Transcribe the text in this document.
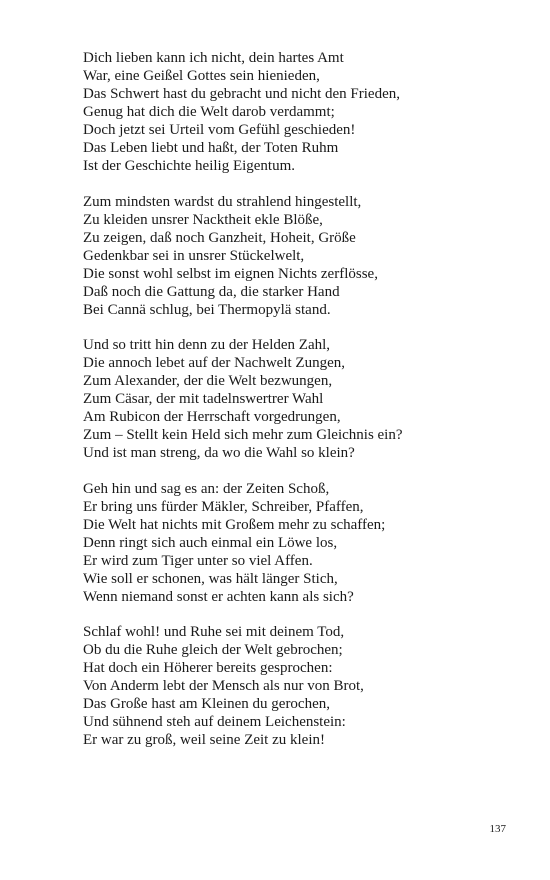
Dich lieben kann ich nicht, dein hartes Amt
War, eine Geißel Gottes sein hienieden,
Das Schwert hast du gebracht und nicht den Frieden,
Genug hat dich die Welt darob verdammt;
Doch jetzt sei Urteil vom Gefühl geschieden!
Das Leben liebt und haßt, der Toten Ruhm
Ist der Geschichte heilig Eigentum.
Zum mindsten wardst du strahlend hingestellt,
Zu kleiden unsrer Nacktheit ekle Blöße,
Zu zeigen, daß noch Ganzheit, Hoheit, Größe
Gedenkbar sei in unsrer Stückelwelt,
Die sonst wohl selbst im eignen Nichts zerflösse,
Daß noch die Gattung da, die starker Hand
Bei Cannä schlug, bei Thermopylä stand.
Und so tritt hin denn zu der Helden Zahl,
Die annoch lebet auf der Nachwelt Zungen,
Zum Alexander, der die Welt bezwungen,
Zum Cäsar, der mit tadelnswertrer Wahl
Am Rubicon der Herrschaft vorgedrungen,
Zum – Stellt kein Held sich mehr zum Gleichnis ein?
Und ist man streng, da wo die Wahl so klein?
Geh hin und sag es an: der Zeiten Schoß,
Er bring uns fürder Mäkler, Schreiber, Pfaffen,
Die Welt hat nichts mit Großem mehr zu schaffen;
Denn ringt sich auch einmal ein Löwe los,
Er wird zum Tiger unter so viel Affen.
Wie soll er schonen, was hält länger Stich,
Wenn niemand sonst er achten kann als sich?
Schlaf wohl! und Ruhe sei mit deinem Tod,
Ob du die Ruhe gleich der Welt gebrochen;
Hat doch ein Höherer bereits gesprochen:
Von Anderm lebt der Mensch als nur von Brot,
Das Große hast am Kleinen du gerochen,
Und sühnend steh auf deinem Leichenstein:
Er war zu groß, weil seine Zeit zu klein!
137
